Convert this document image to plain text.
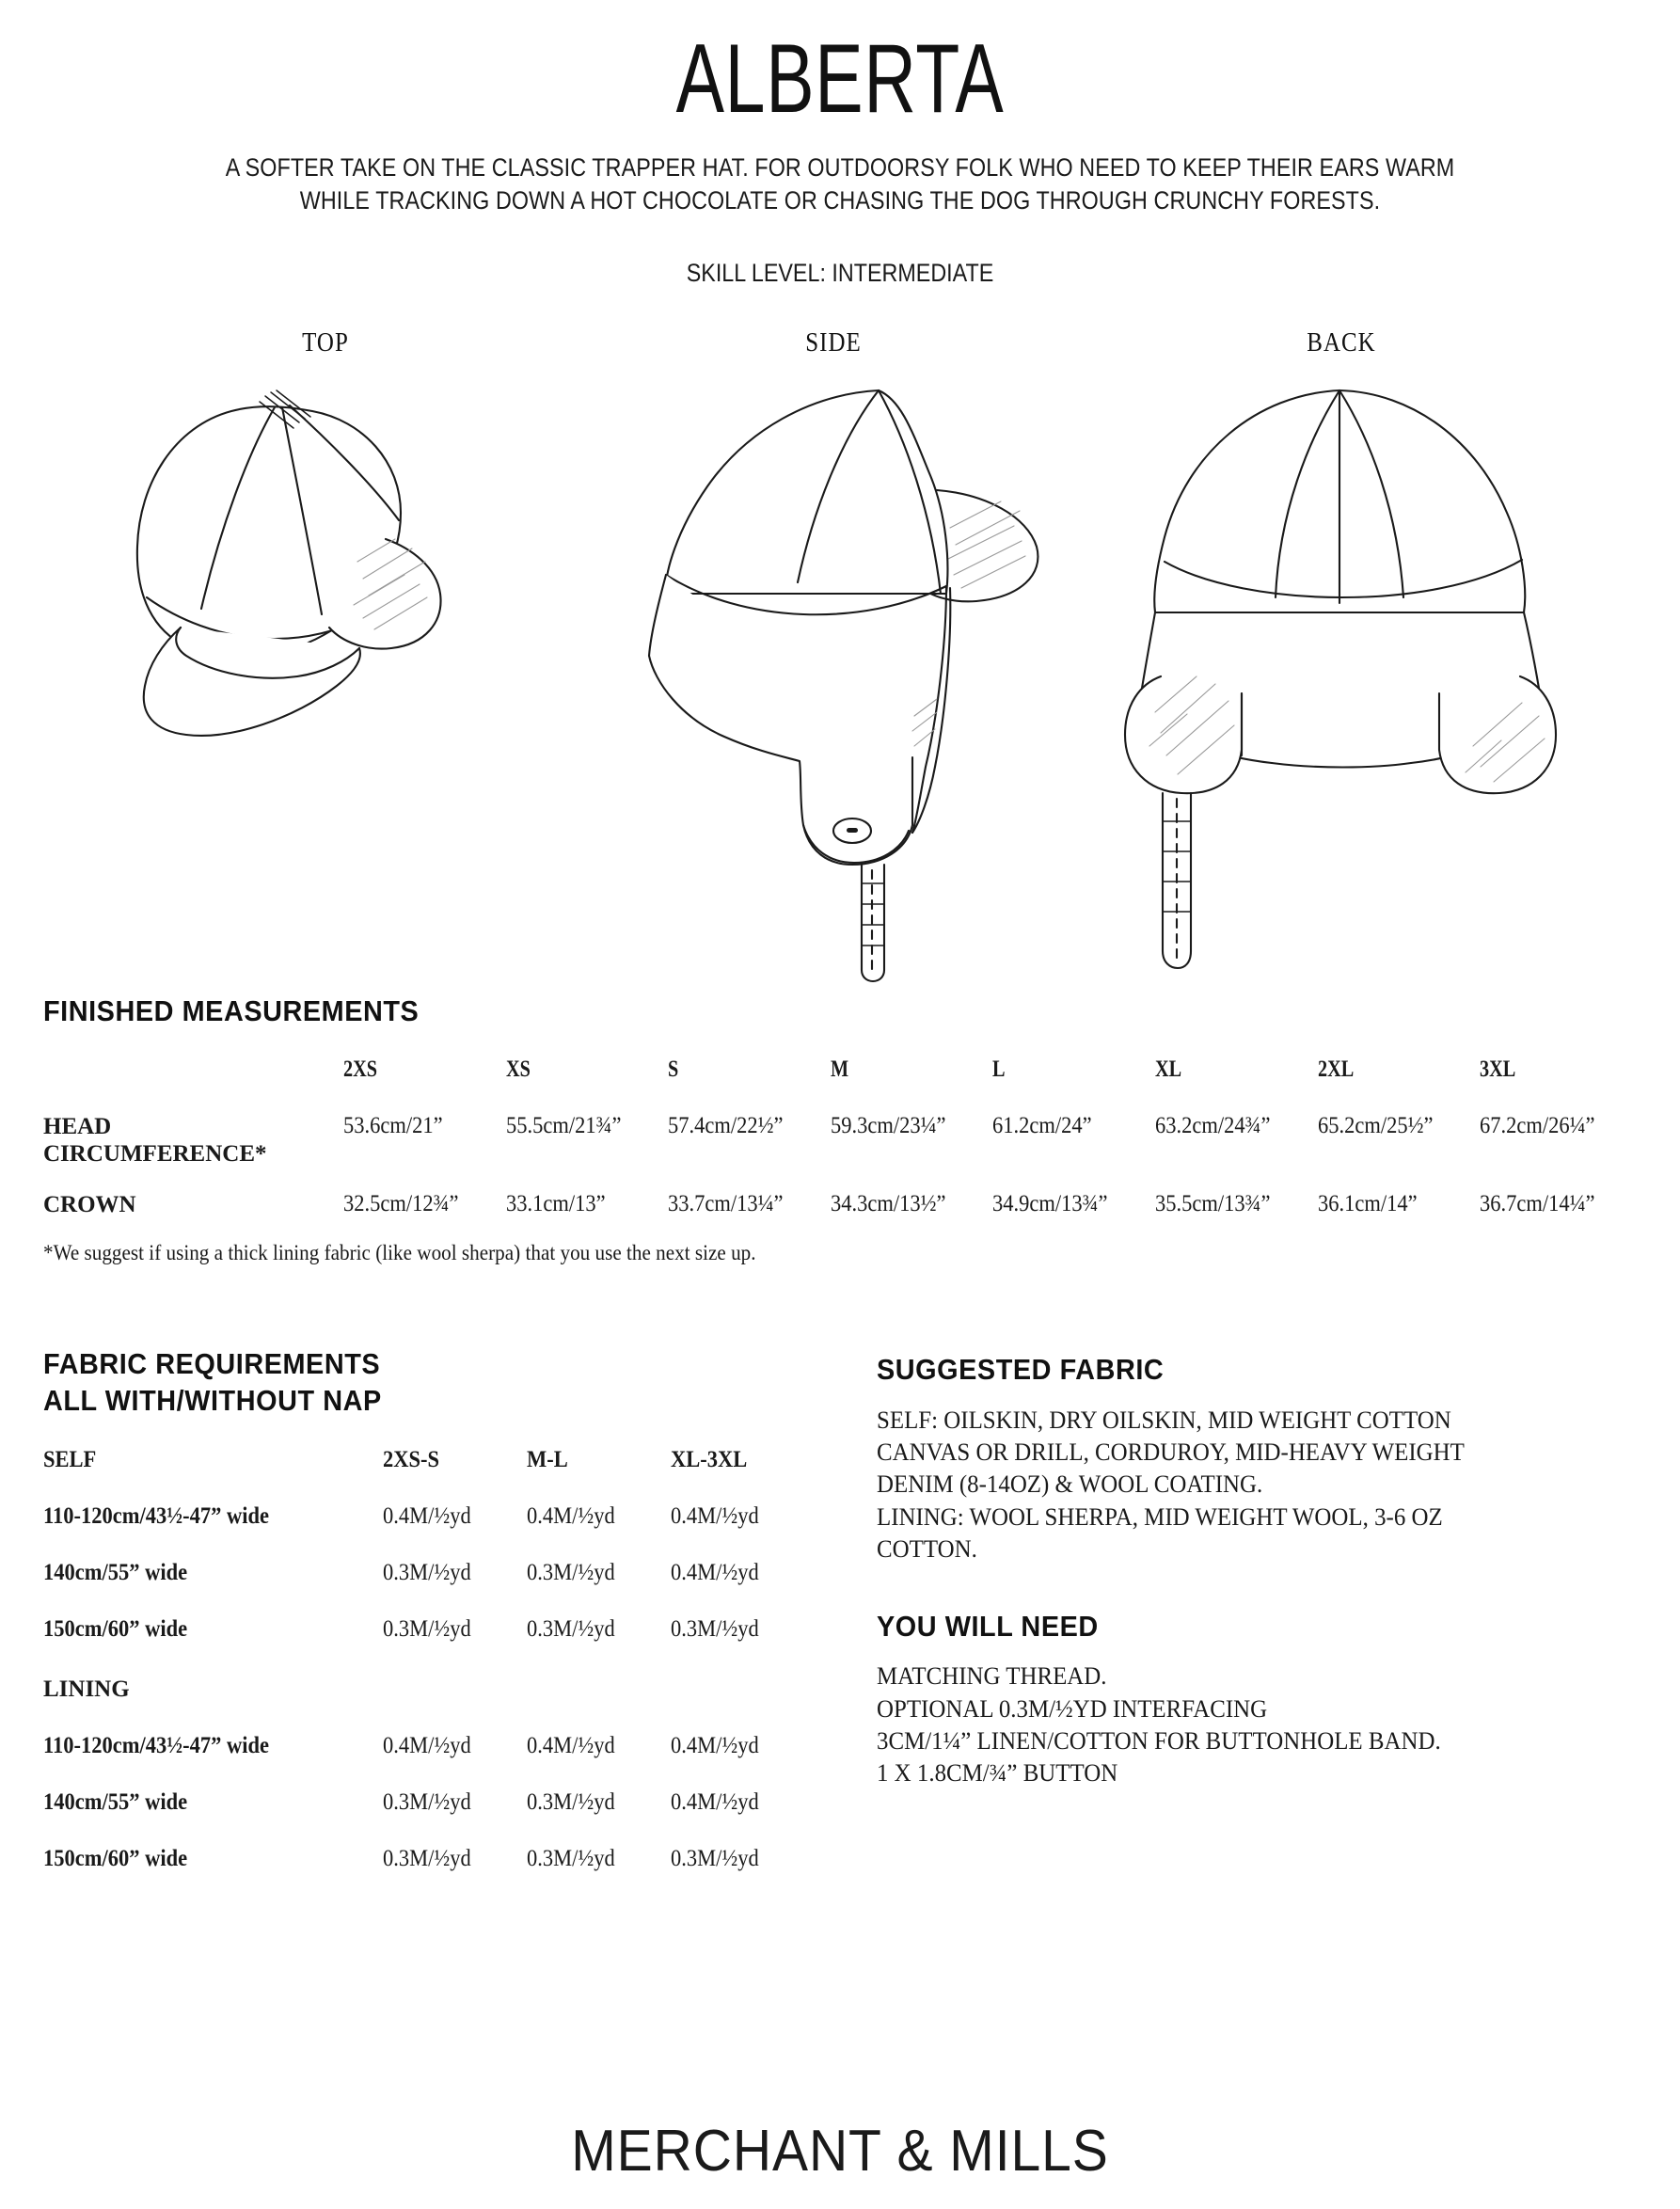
ALBERTA
A SOFTER TAKE ON THE CLASSIC TRAPPER HAT. FOR OUTDOORSY FOLK WHO NEED TO KEEP THEIR EARS WARM
WHILE TRACKING DOWN A HOT CHOCOLATE OR CHASING THE DOG THROUGH CRUNCHY FORESTS.
SKILL LEVEL: INTERMEDIATE
TOP	SIDE	BACK
FINISHED MEASUREMENTS
	2XS	XS	S	M	L	XL	2XL	3XL
HEAD CIRCUMFERENCE*	53.6cm/21”	55.5cm/21¾”	57.4cm/22½”	59.3cm/23¼”	61.2cm/24”	63.2cm/24¾”	65.2cm/25½”	67.2cm/26¼”
CROWN	32.5cm/12¾”	33.1cm/13”	33.7cm/13¼”	34.3cm/13½”	34.9cm/13¾”	35.5cm/13¾”	36.1cm/14”	36.7cm/14¼”
*We suggest if using a thick lining fabric (like wool sherpa) that you use the next size up.
FABRIC REQUIREMENTS
ALL WITH/WITHOUT NAP
SELF	2XS-S	M-L	XL-3XL
110-120cm/43½-47” wide	0.4M/½yd	0.4M/½yd	0.4M/½yd
140cm/55” wide	0.3M/½yd	0.3M/½yd	0.4M/½yd
150cm/60” wide	0.3M/½yd	0.3M/½yd	0.3M/½yd
LINING			
110-120cm/43½-47” wide	0.4M/½yd	0.4M/½yd	0.4M/½yd
140cm/55” wide	0.3M/½yd	0.3M/½yd	0.4M/½yd
150cm/60” wide	0.3M/½yd	0.3M/½yd	0.3M/½yd
SUGGESTED FABRIC
SELF: OILSKIN, DRY OILSKIN, MID WEIGHT COTTON
CANVAS OR DRILL, CORDUROY, MID-HEAVY WEIGHT
DENIM (8-14OZ) & WOOL COATING.
LINING: WOOL SHERPA, MID WEIGHT WOOL, 3-6 OZ
COTTON.
YOU WILL NEED
MATCHING THREAD.
OPTIONAL 0.3M/½YD INTERFACING
3CM/1¼” LINEN/COTTON FOR BUTTONHOLE BAND.
1 X 1.8CM/¾” BUTTON
MERCHANT & MILLS
